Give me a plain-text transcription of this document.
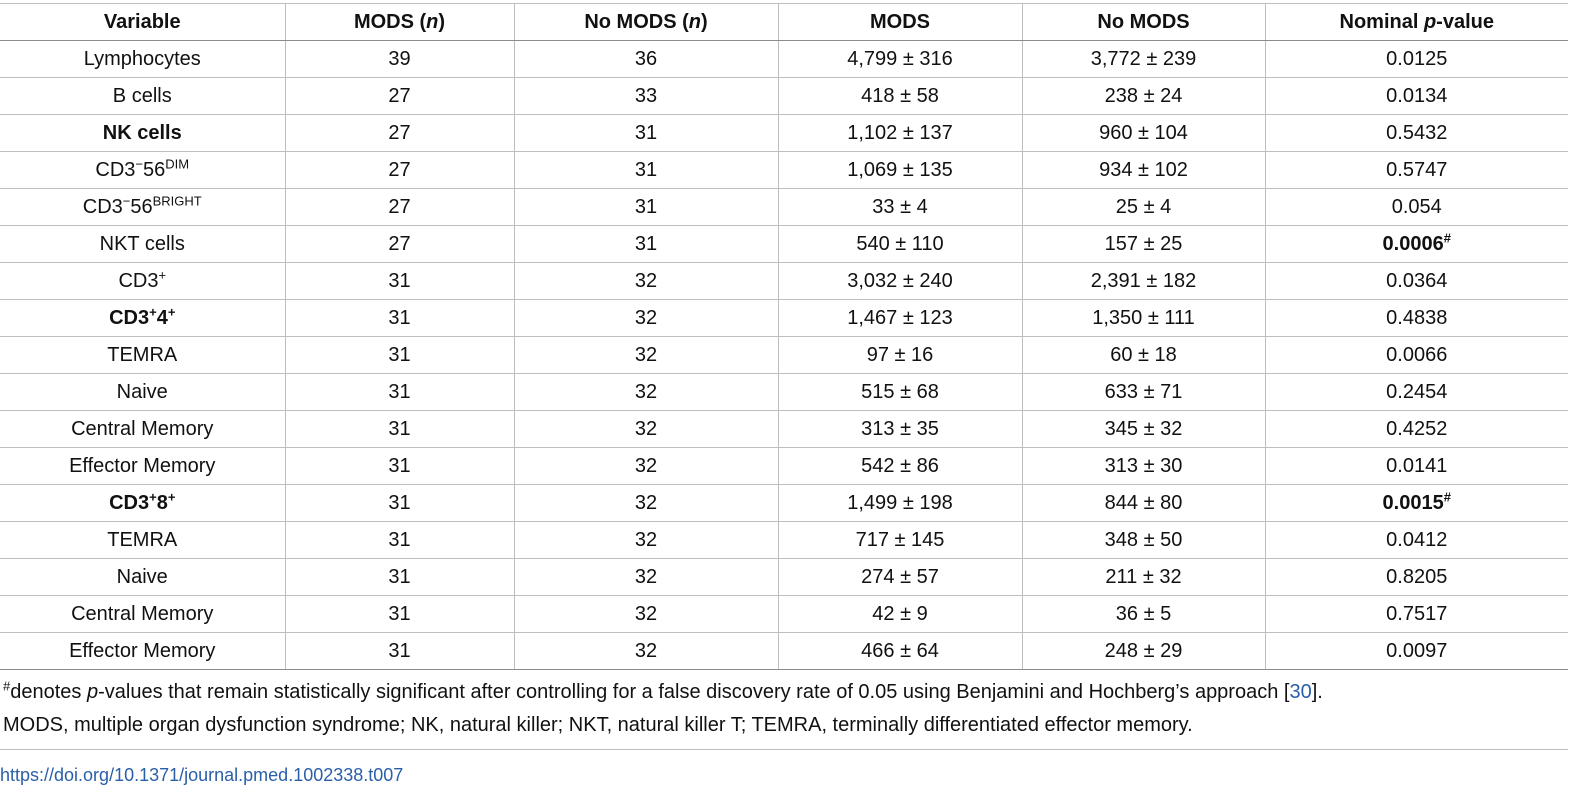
Variable	MODS (n)	No MODS (n)	MODS	No MODS	Nominal p-value
Lymphocytes	39	36	4,799 ± 316	3,772 ± 239	0.0125
B cells	27	33	418 ± 58	238 ± 24	0.0134
NK cells	27	31	1,102 ± 137	960 ± 104	0.5432
$CD3^-56^{DIM}$	27	31	1,069 ± 135	934 ± 102	0.5747
$CD3^-56^{BRIGHT}$	27	31	33 ± 4	25 ± 4	0.054
NKT cells	27	31	540 ± 110	157 ± 25	0.0006#
CD3+	31	32	3,032 ± 240	2,391 ± 182	0.0364
CD3+4+	31	32	1,467 ± 123	1,350 ± 111	0.4838
TEMRA	31	32	97 ± 16	60 ± 18	0.0066
Naive	31	32	515 ± 68	633 ± 71	0.2454
Central Memory	31	32	313 ± 35	345 ± 32	0.4252
Effector Memory	31	32	542 ± 86	313 ± 30	0.0141
CD3+8+	31	32	1,499 ± 198	844 ± 80	0.0015#
TEMRA	31	32	717 ± 145	348 ± 50	0.0412
Naive	31	32	274 ± 57	211 ± 32	0.8205
Central Memory	31	32	42 ± 9	36 ± 5	0.7517
Effector Memory	31	32	466 ± 64	248 ± 29	0.0097
#denotes p-values that remain statistically significant after controlling for a false discovery rate of 0.05 using Benjamini and Hochberg’s approach [30].
MODS, multiple organ dysfunction syndrome; NK, natural killer; NKT, natural killer T; TEMRA, terminally differentiated effector memory.
https://doi.org/10.1371/journal.pmed.1002338.t007
